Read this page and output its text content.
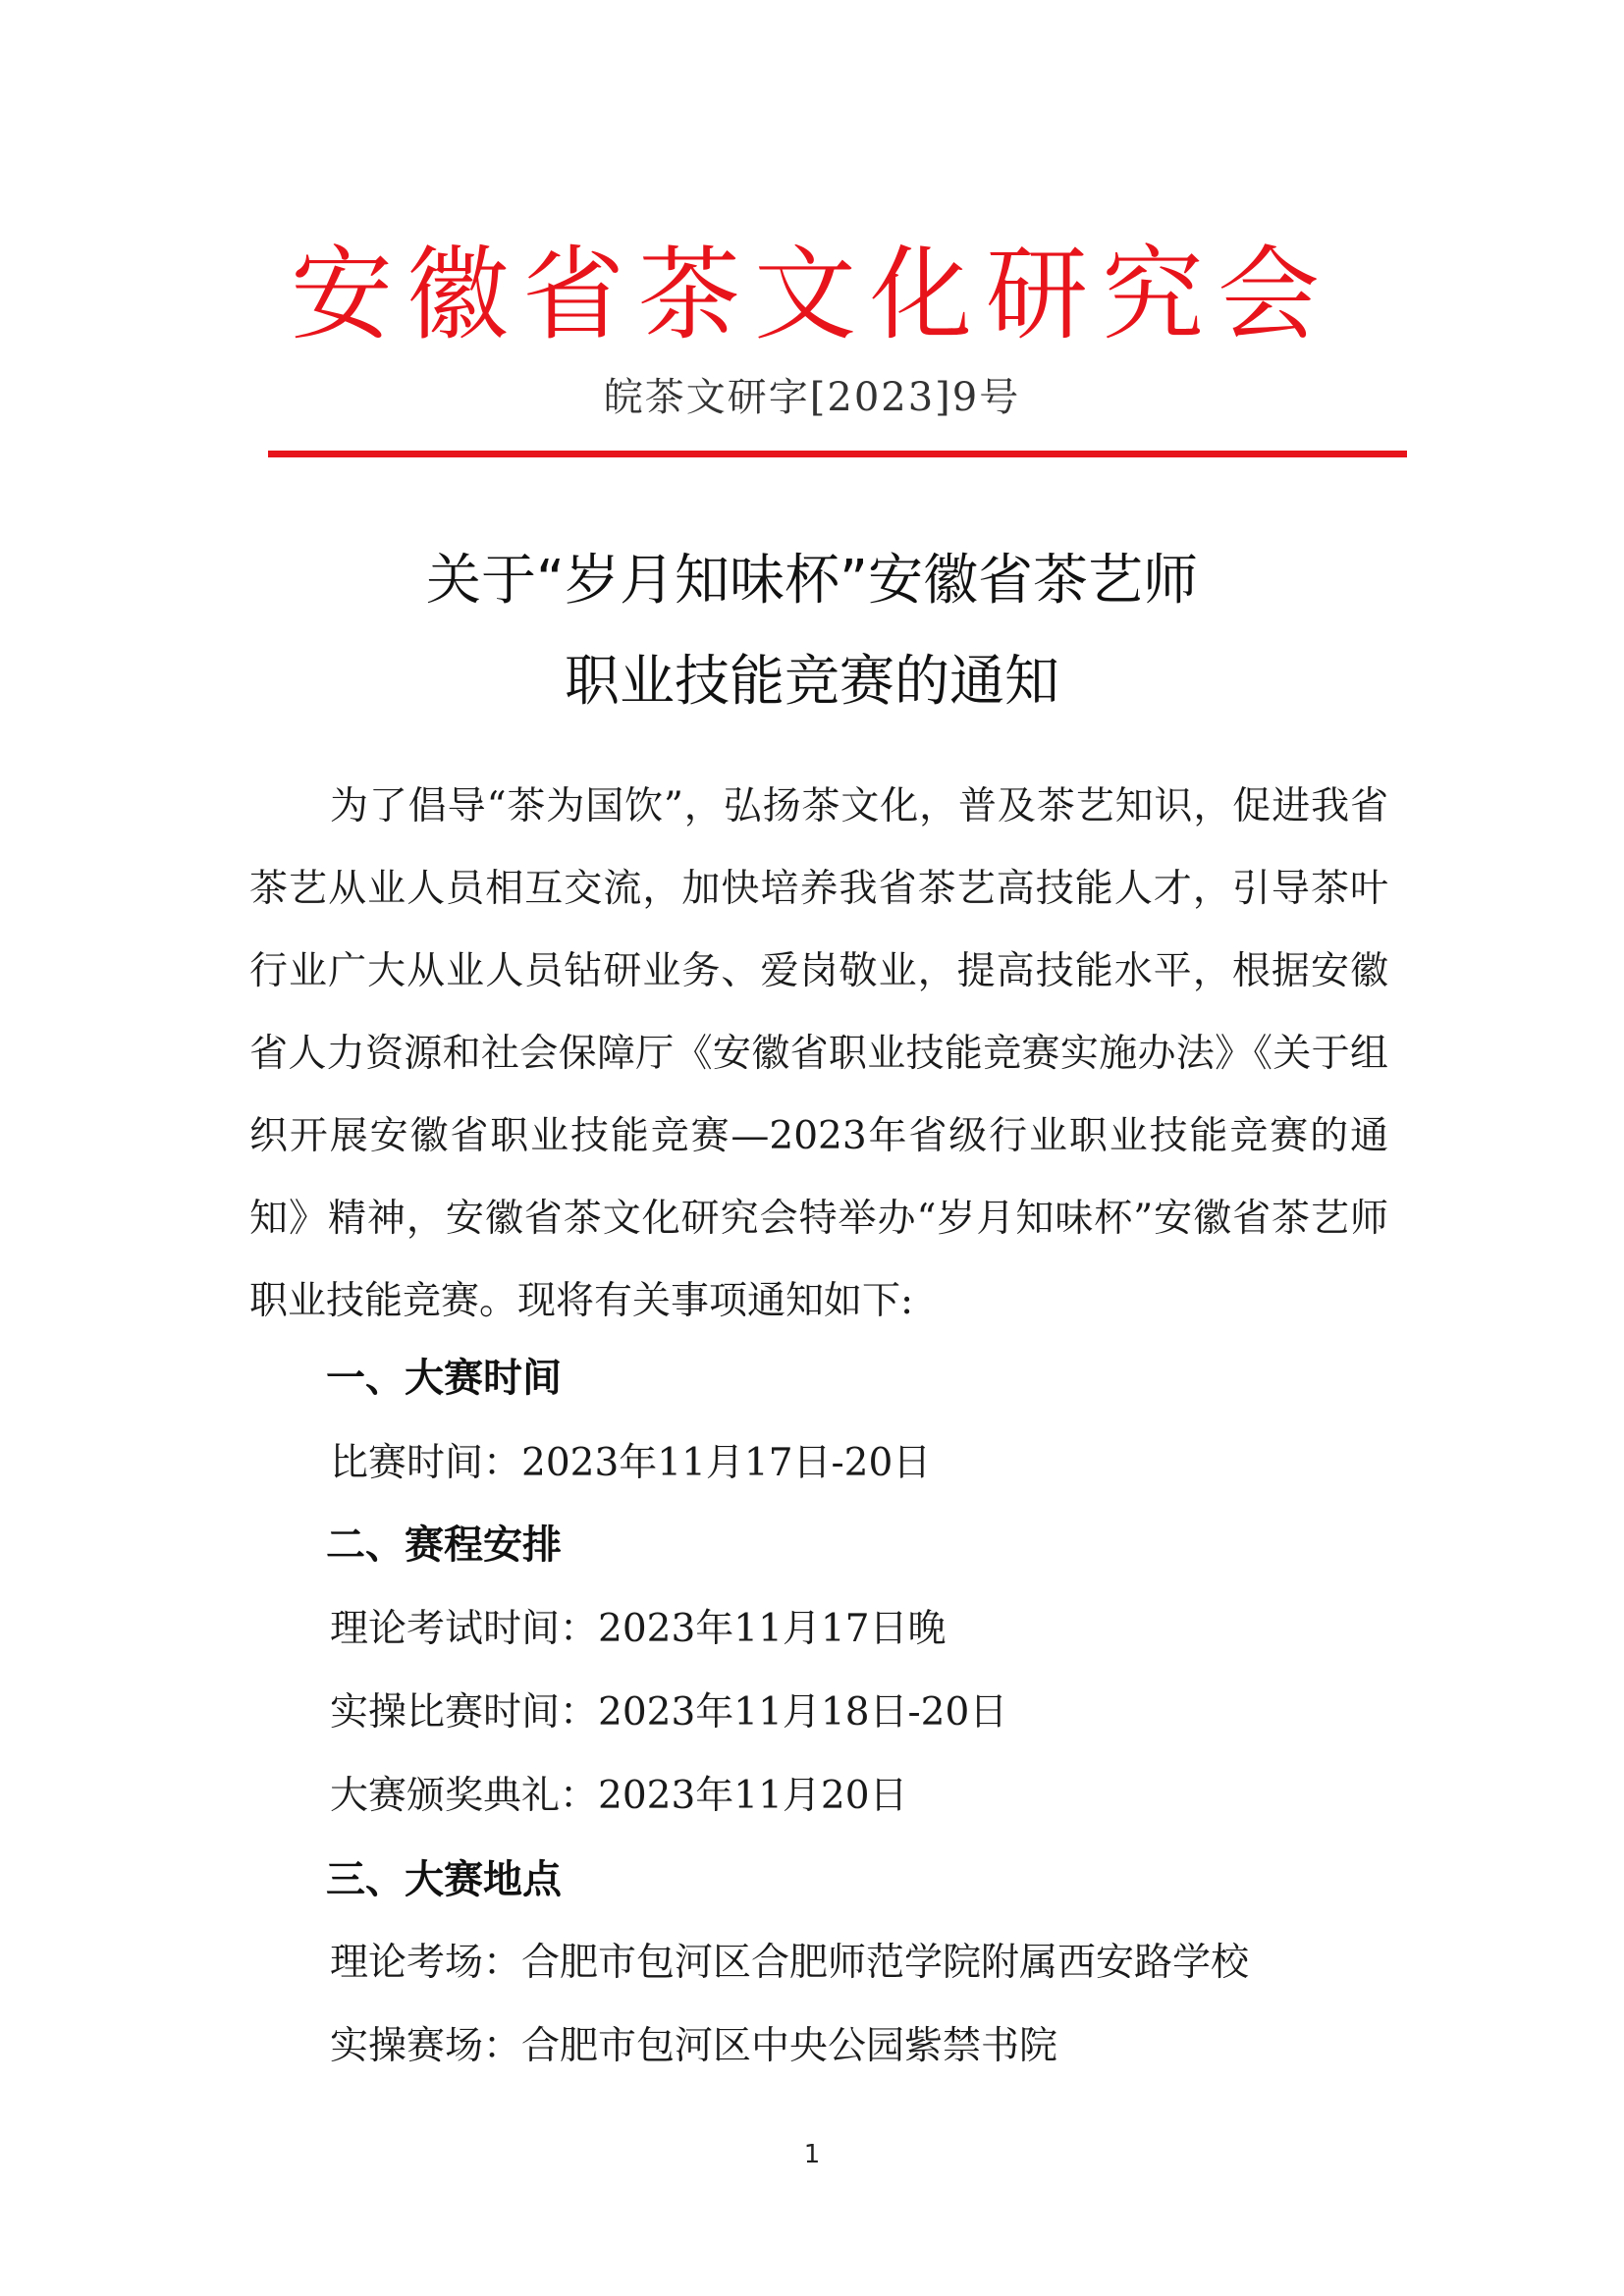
安徽省茶文化研究会
皖茶文研字[2023]9号
关于“岁月知味杯”安徽省茶艺师
职业技能竞赛的通知
为了倡导“茶为国饮”，弘扬茶文化，普及茶艺知识，促进我省茶艺从业人员相互交流，加快培养我省茶艺高技能人才，引导茶叶行业广大从业人员钻研业务、爱岗敬业，提高技能水平，根据安徽省人力资源和社会保障厅《安徽省职业技能竞赛实施办法》《关于组织开展安徽省职业技能竞赛—2023年省级行业职业技能竞赛的通知》精神，安徽省茶文化研究会特举办“岁月知味杯”安徽省茶艺师职业技能竞赛。现将有关事项通知如下:
一、大赛时间
比赛时间：2023年11月17日-20日
二、赛程安排
理论考试时间：2023年11月17日晚
实操比赛时间：2023年11月18日-20日
大赛颁奖典礼：2023年11月20日
三、大赛地点
理论考场：合肥市包河区合肥师范学院附属西安路学校
实操赛场：合肥市包河区中央公园紫禁书院
1
